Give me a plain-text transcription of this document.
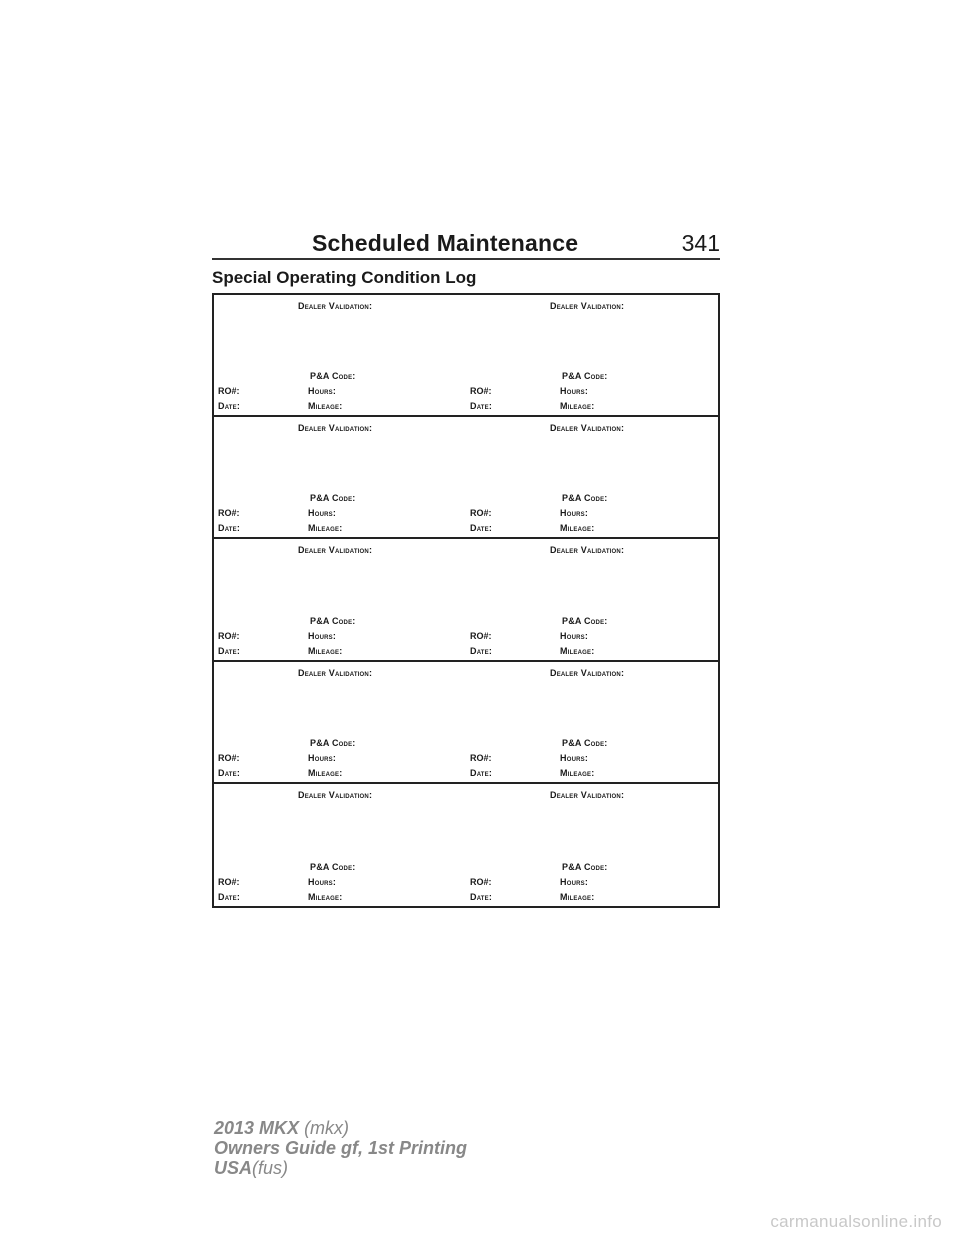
Scheduled Maintenance	341
Special Operating Condition Log
Dealer Validation:
P&A Code:
RO#:	Hours:
Date:	Mileage:
Dealer Validation:
P&A Code:
RO#:	Hours:
Date:	Mileage:
Dealer Validation:
P&A Code:
RO#:	Hours:
Date:	Mileage:
Dealer Validation:
P&A Code:
RO#:	Hours:
Date:	Mileage:
Dealer Validation:
P&A Code:
RO#:	Hours:
Date:	Mileage:
Dealer Validation:
P&A Code:
RO#:	Hours:
Date:	Mileage:
Dealer Validation:
P&A Code:
RO#:	Hours:
Date:	Mileage:
Dealer Validation:
P&A Code:
RO#:	Hours:
Date:	Mileage:
Dealer Validation:
P&A Code:
RO#:	Hours:
Date:	Mileage:
Dealer Validation:
P&A Code:
RO#:	Hours:
Date:	Mileage:
2013 MKX (mkx)
Owners Guide gf, 1st Printing
USA(fus)
carmanualsonline.info
